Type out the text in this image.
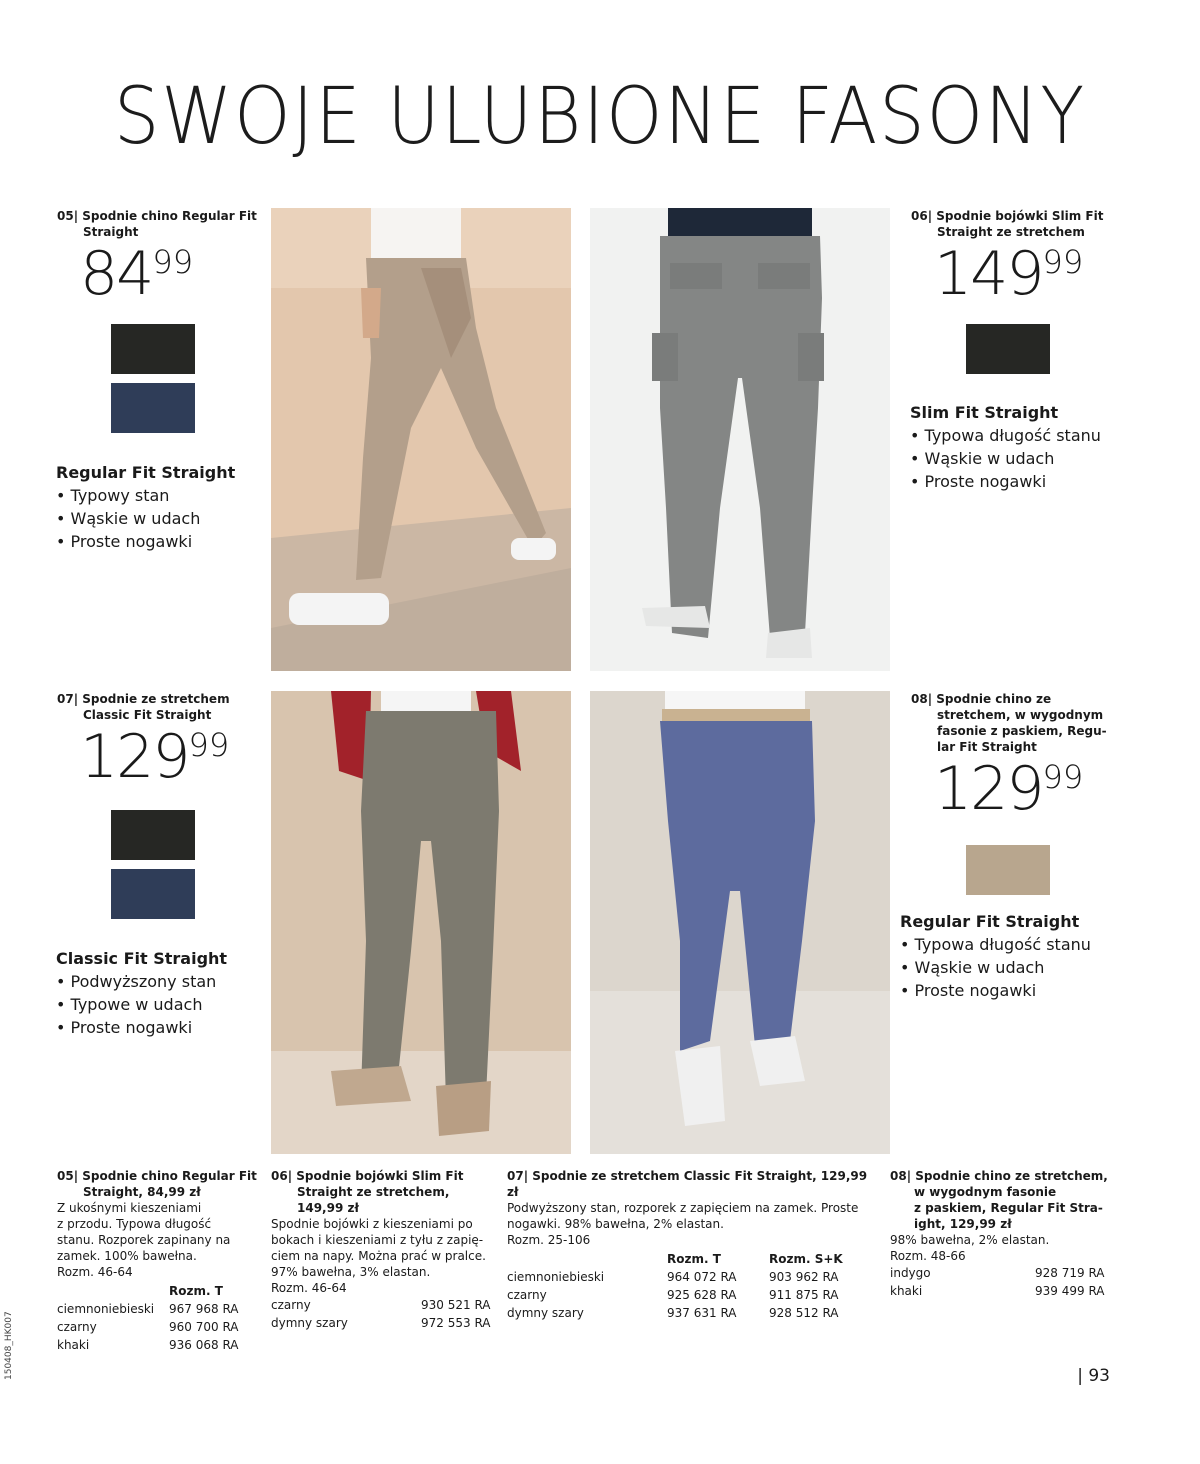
SWOJE ULUBIONE FASONY
05| Spodnie chino Regular Fit
Straight
8499
Regular Fit Straight
• Typowy stan
• Wąskie w udach
• Proste nogawki
06| Spodnie bojówki Slim Fit
Straight ze stretchem
14999
Slim Fit Straight
• Typowa długość stanu
• Wąskie w udach
• Proste nogawki
07| Spodnie ze stretchem
Classic Fit Straight
12999
Classic Fit Straight
• Podwyższony stan
• Typowe w udach
• Proste nogawki
08| Spodnie chino ze
stretchem, w wygodnym
fasonie z paskiem, Regu-
lar Fit Straight
12999
Regular Fit Straight
• Typowa długość stanu
• Wąskie w udach
• Proste nogawki
05| Spodnie chino Regular Fit
Straight, 84,99 zł
Z ukośnymi kieszeniami
z przodu. Typowa długość
stanu. Rozporek zapinany na
zamek. 100% bawełna.
Rozm. 46-64
	Rozm. T
ciemnoniebieski	967 968 RA
czarny	960 700 RA
khaki	936 068 RA
06| Spodnie bojówki Slim Fit
Straight ze stretchem,
149,99 zł
Spodnie bojówki z kieszeniami po
bokach i kieszeniami z tyłu z zapię-
ciem na napy. Można prać w pralce.
97% bawełna, 3% elastan.
Rozm. 46-64
czarny	930 521 RA
dymny szary	972 553 RA
07| Spodnie ze stretchem Classic Fit Straight, 129,99 zł
Podwyższony stan, rozporek z zapięciem na zamek. Proste
nogawki. 98% bawełna, 2% elastan.
Rozm. 25-106
	Rozm. T	Rozm. S+K
ciemnoniebieski	964 072 RA	903 962 RA
czarny	925 628 RA	911 875 RA
dymny szary	937 631 RA	928 512 RA
08| Spodnie chino ze stretchem,
w wygodnym fasonie
z paskiem, Regular Fit Stra-
ight, 129,99 zł
98% bawełna, 2% elastan.
Rozm. 48-66
indygo	928 719 RA
khaki	939 499 RA
150408_HK007	| 93
